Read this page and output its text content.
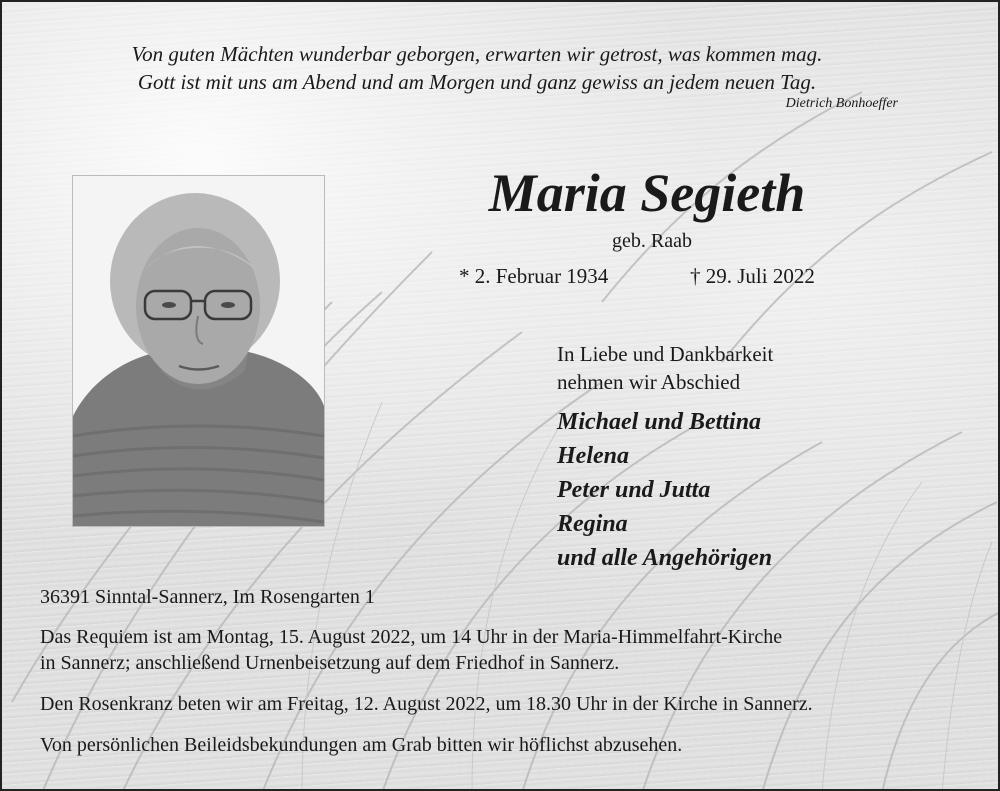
Von guten Mächten wunderbar geborgen, erwarten wir getrost, was kommen mag.
Gott ist mit uns am Abend und am Morgen und ganz gewiss an jedem neuen Tag.
Dietrich Bonhoeffer
Maria Segieth
geb. Raab
* 2. Februar 1934	† 29. Juli 2022
In Liebe und Dankbarkeit
nehmen wir Abschied
Michael und Bettina
Helena
Peter und Jutta
Regina
und alle Angehörigen
36391 Sinntal-Sannerz, Im Rosengarten 1
Das Requiem ist am Montag, 15. August 2022, um 14 Uhr in der Maria-Himmelfahrt-Kirche
in Sannerz; anschließend Urnenbeisetzung auf dem Friedhof in Sannerz.
Den Rosenkranz beten wir am Freitag, 12. August 2022, um 18.30 Uhr in der Kirche in Sannerz.
Von persönlichen Beileidsbekundungen am Grab bitten wir höflichst abzusehen.
